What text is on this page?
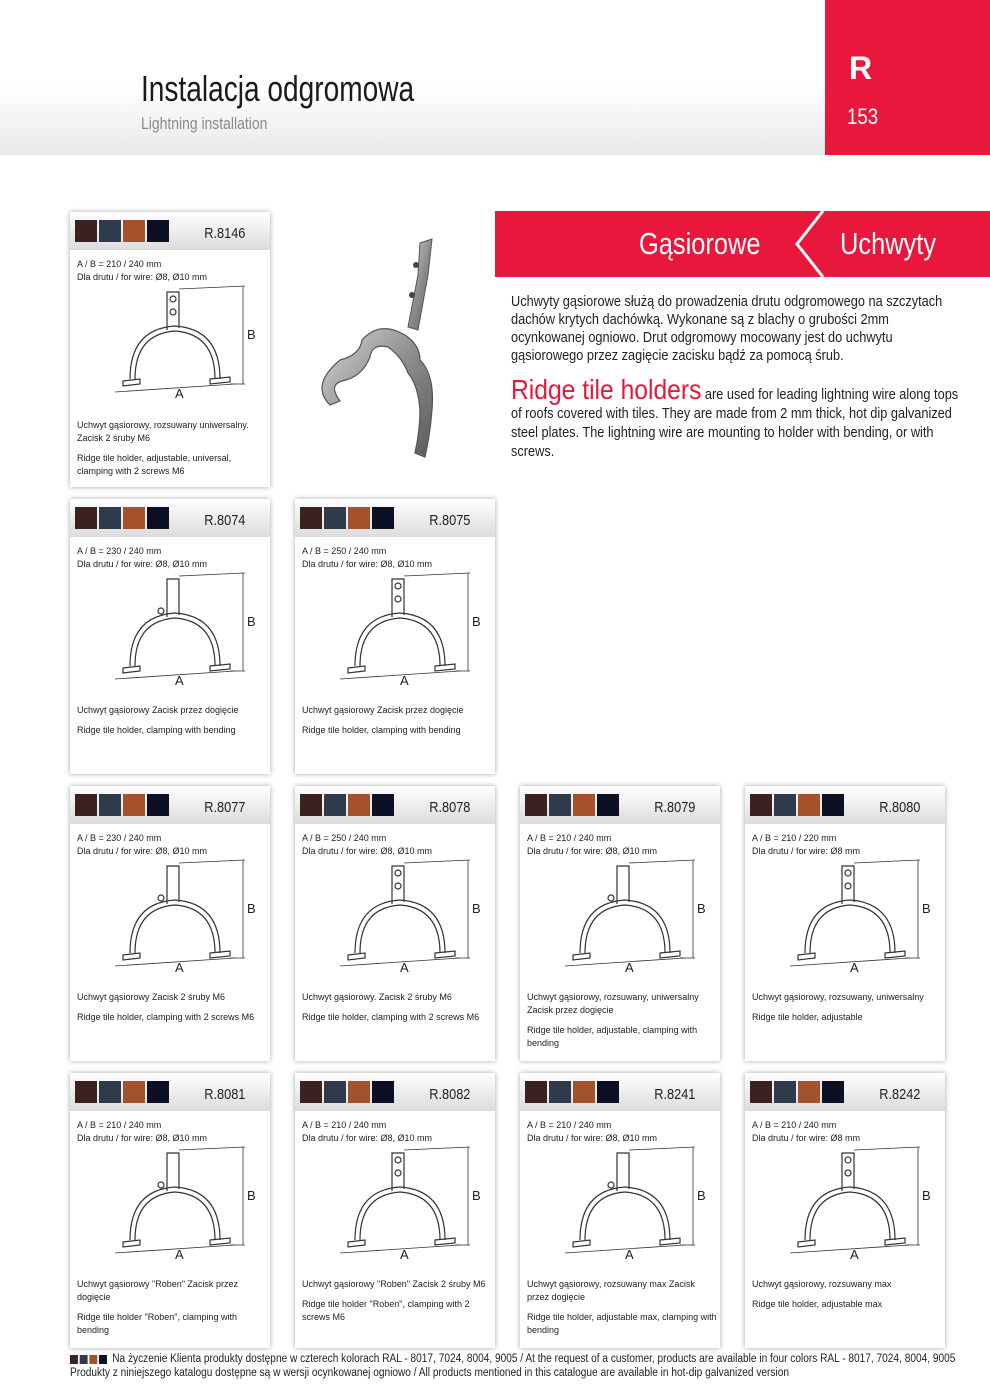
Instalacja odgromowa
Lightning installation
R
153
Gąsiorowe	Uchwyty
Uchwyty gąsiorowe służą do prowadzenia drutu odgromowego na szczytach dachów krytych dachówką. Wykonane są z blachy o grubości 2mm ocynkowanej ogniowo. Drut odgromowy mocowany jest do uchwytu gąsiorowego przez zagięcie zacisku bądź za pomocą śrub.
Ridge tile holders are used for leading lightning wire along tops of roofs covered with tiles. They are made from 2 mm thick, hot dip galvanized steel plates. The lightning wire are mounting to holder with bending, or with screws.
R.8146
A / B = 210 / 240 mm
Dla drutu / for wire: Ø8, Ø10 mm
A
B

Uchwyt gąsiorowy, rozsuwany uniwersalny. Zacisk 2 śruby M6

Ridge tile holder, adjustable, universal, clamping with 2 screws M6

R.8074
A / B = 230 / 240 mm
Dla drutu / for wire: Ø8, Ø10 mm
A
B

Uchwyt gąsiorowy Zacisk przez dogięcie

Ridge tile holder, clamping with bending

R.8075
A / B = 250 / 240 mm
Dla drutu / for wire: Ø8, Ø10 mm
A
B

Uchwyt gąsiorowy Zacisk przez dogięcie

Ridge tile holder, clamping with bending

R.8077
A / B = 230 / 240 mm
Dla drutu / for wire: Ø8, Ø10 mm
A
B

Uchwyt gąsiorowy Zacisk 2 śruby M6

Ridge tile holder, clamping with 2 screws M6

R.8078
A / B = 250 / 240 mm
Dla drutu / for wire: Ø8, Ø10 mm
A
B

Uchwyt gąsiorowy. Zacisk 2 śruby M6

Ridge tile holder, clamping with 2 screws M6

R.8079
A / B = 210 / 240 mm
Dla drutu / for wire: Ø8, Ø10 mm
A
B

Uchwyt gąsiorowy, rozsuwany, uniwersalny Zacisk przez dogięcie

Ridge tile holder, adjustable, clamping with bending

R.8080
A / B = 210 / 220 mm
Dla drutu / for wire: Ø8 mm
A
B

Uchwyt gąsiorowy, rozsuwany, uniwersalny

Ridge tile holder, adjustable

R.8081
A / B = 210 / 240 mm
Dla drutu / for wire: Ø8, Ø10 mm
A
B

Uchwyt gąsiorowy "Roben" Zacisk przez dogięcie

Ridge tile holder "Roben", clamping with bending

R.8082
A / B = 210 / 240 mm
Dla drutu / for wire: Ø8, Ø10 mm
A
B

Uchwyt gąsiorowy "Roben" Zacisk 2 śruby M6

Ridge tile holder "Roben", clamping with 2 screws M6

R.8241
A / B = 210 / 240 mm
Dla drutu / for wire: Ø8, Ø10 mm
A
B

Uchwyt gąsiorowy, rozsuwany max Zacisk przez dogięcie

Ridge tile holder, adjustable max, clamping with bending

R.8242
A / B = 210 / 240 mm
Dla drutu / for wire: Ø8 mm
A
B

Uchwyt gąsiorowy, rozsuwany max

Ridge tile holder, adjustable max

Na życzenie Klienta produkty dostępne w czterech kolorach RAL - 8017, 7024, 8004, 9005 / At the request of a customer, products are available in four colors RAL - 8017, 7024, 8004, 9005
Produkty z niniejszego katalogu dostępne są w wersji ocynkowanej ogniowo / All products mentioned in this catalogue are available in hot-dip galvanized version
